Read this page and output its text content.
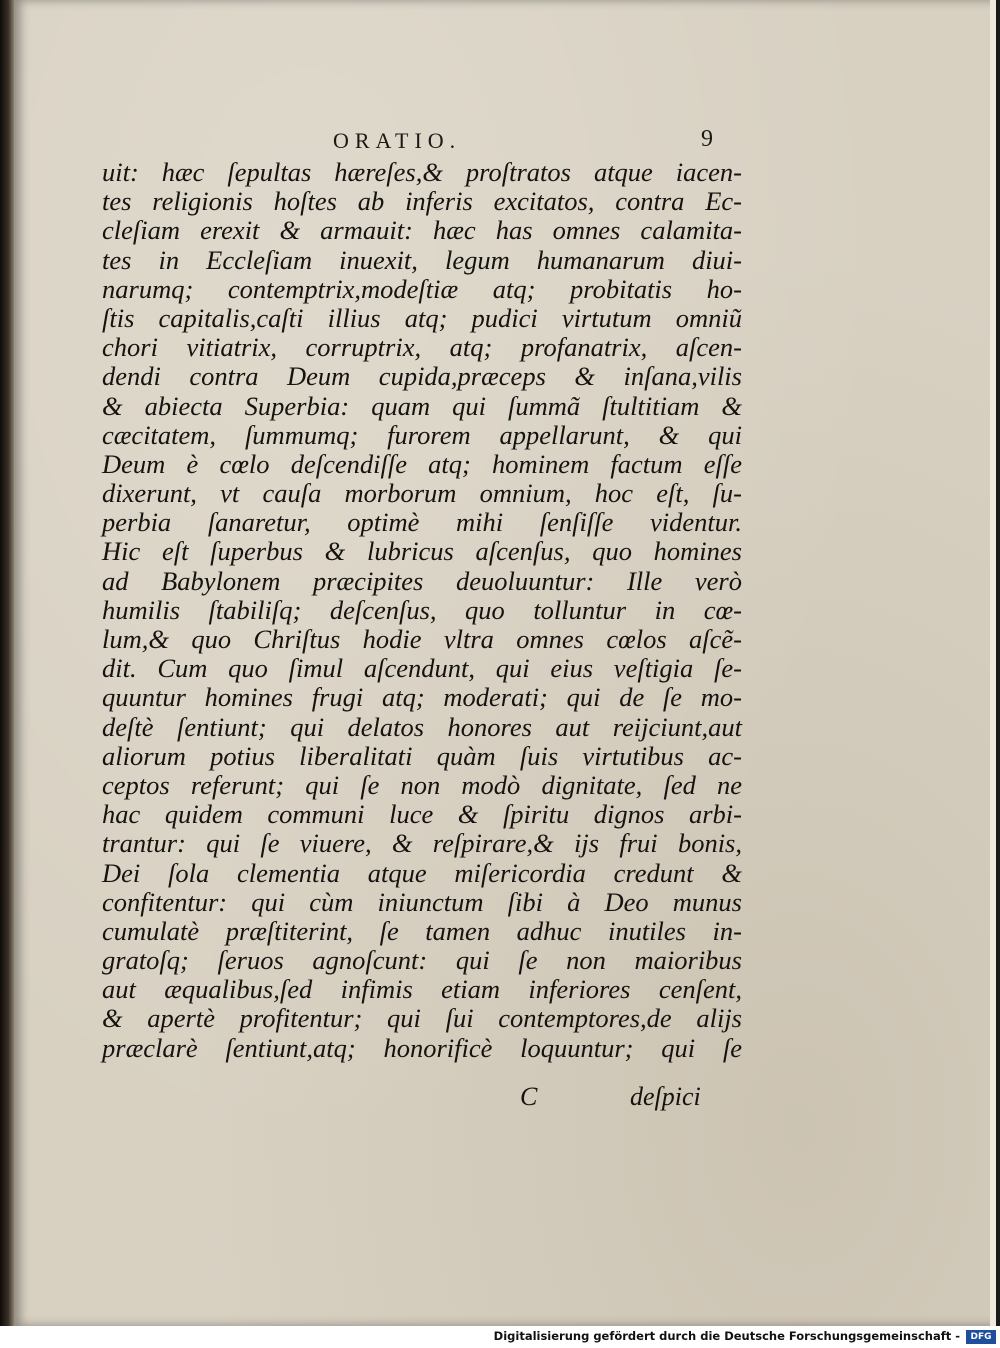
ORATIO.	9
uit: hæc ſepultas hæreſes,& proſtratos atque iacen-
tes religionis hoſtes ab inferis excitatos, contra Ec-
cleſiam erexit & armauit: hæc has omnes calamita-
tes in Eccleſiam inuexit, legum humanarum diui-
narumq; contemptrix,modeſtiæ atq; probitatis ho-
ſtis capitalis,caſti illius atq; pudici virtutum omniũ
chori vitiatrix, corruptrix, atq; profanatrix, aſcen-
dendi contra Deum cupida,præceps & inſana,vilis
& abiecta Superbia: quam qui ſummã ſtultitiam &
cæcitatem, ſummumq; furorem appellarunt, & qui
Deum è cœlo deſcendiſſe atq; hominem factum eſſe
dixerunt, vt cauſa morborum omnium, hoc eſt, ſu-
perbia ſanaretur, optimè mihi ſenſiſſe videntur.
Hic eſt ſuperbus & lubricus aſcenſus, quo homines
ad Babylonem præcipites deuoluuntur: Ille verò
humilis ſtabiliſq; deſcenſus, quo tolluntur in cœ-
lum,& quo Chriſtus hodie vltra omnes cœlos aſcẽ-
dit. Cum quo ſimul aſcendunt, qui eius veſtigia ſe-
quuntur homines frugi atq; moderati; qui de ſe mo-
deſtè ſentiunt; qui delatos honores aut reijciunt,aut
aliorum potius liberalitati quàm ſuis virtutibus ac-
ceptos referunt; qui ſe non modò dignitate, ſed ne
hac quidem communi luce & ſpiritu dignos arbi-
trantur: qui ſe viuere, & reſpirare,& ijs frui bonis,
Dei ſola clementia atque miſericordia credunt &
confitentur: qui cùm iniunctum ſibi à Deo munus
cumulatè præſtiterint, ſe tamen adhuc inutiles in-
gratoſq; ſeruos agnoſcunt: qui ſe non maioribus
aut æqualibus,ſed infimis etiam inferiores cenſent,
& apertè profitentur; qui ſui contemptores,de alijs
præclarè ſentiunt,atq; honorificè loquuntur; qui ſe
C	deſpici
Digitalisierung gefördert durch die Deutsche Forschungsgemeinschaft -	DFG
